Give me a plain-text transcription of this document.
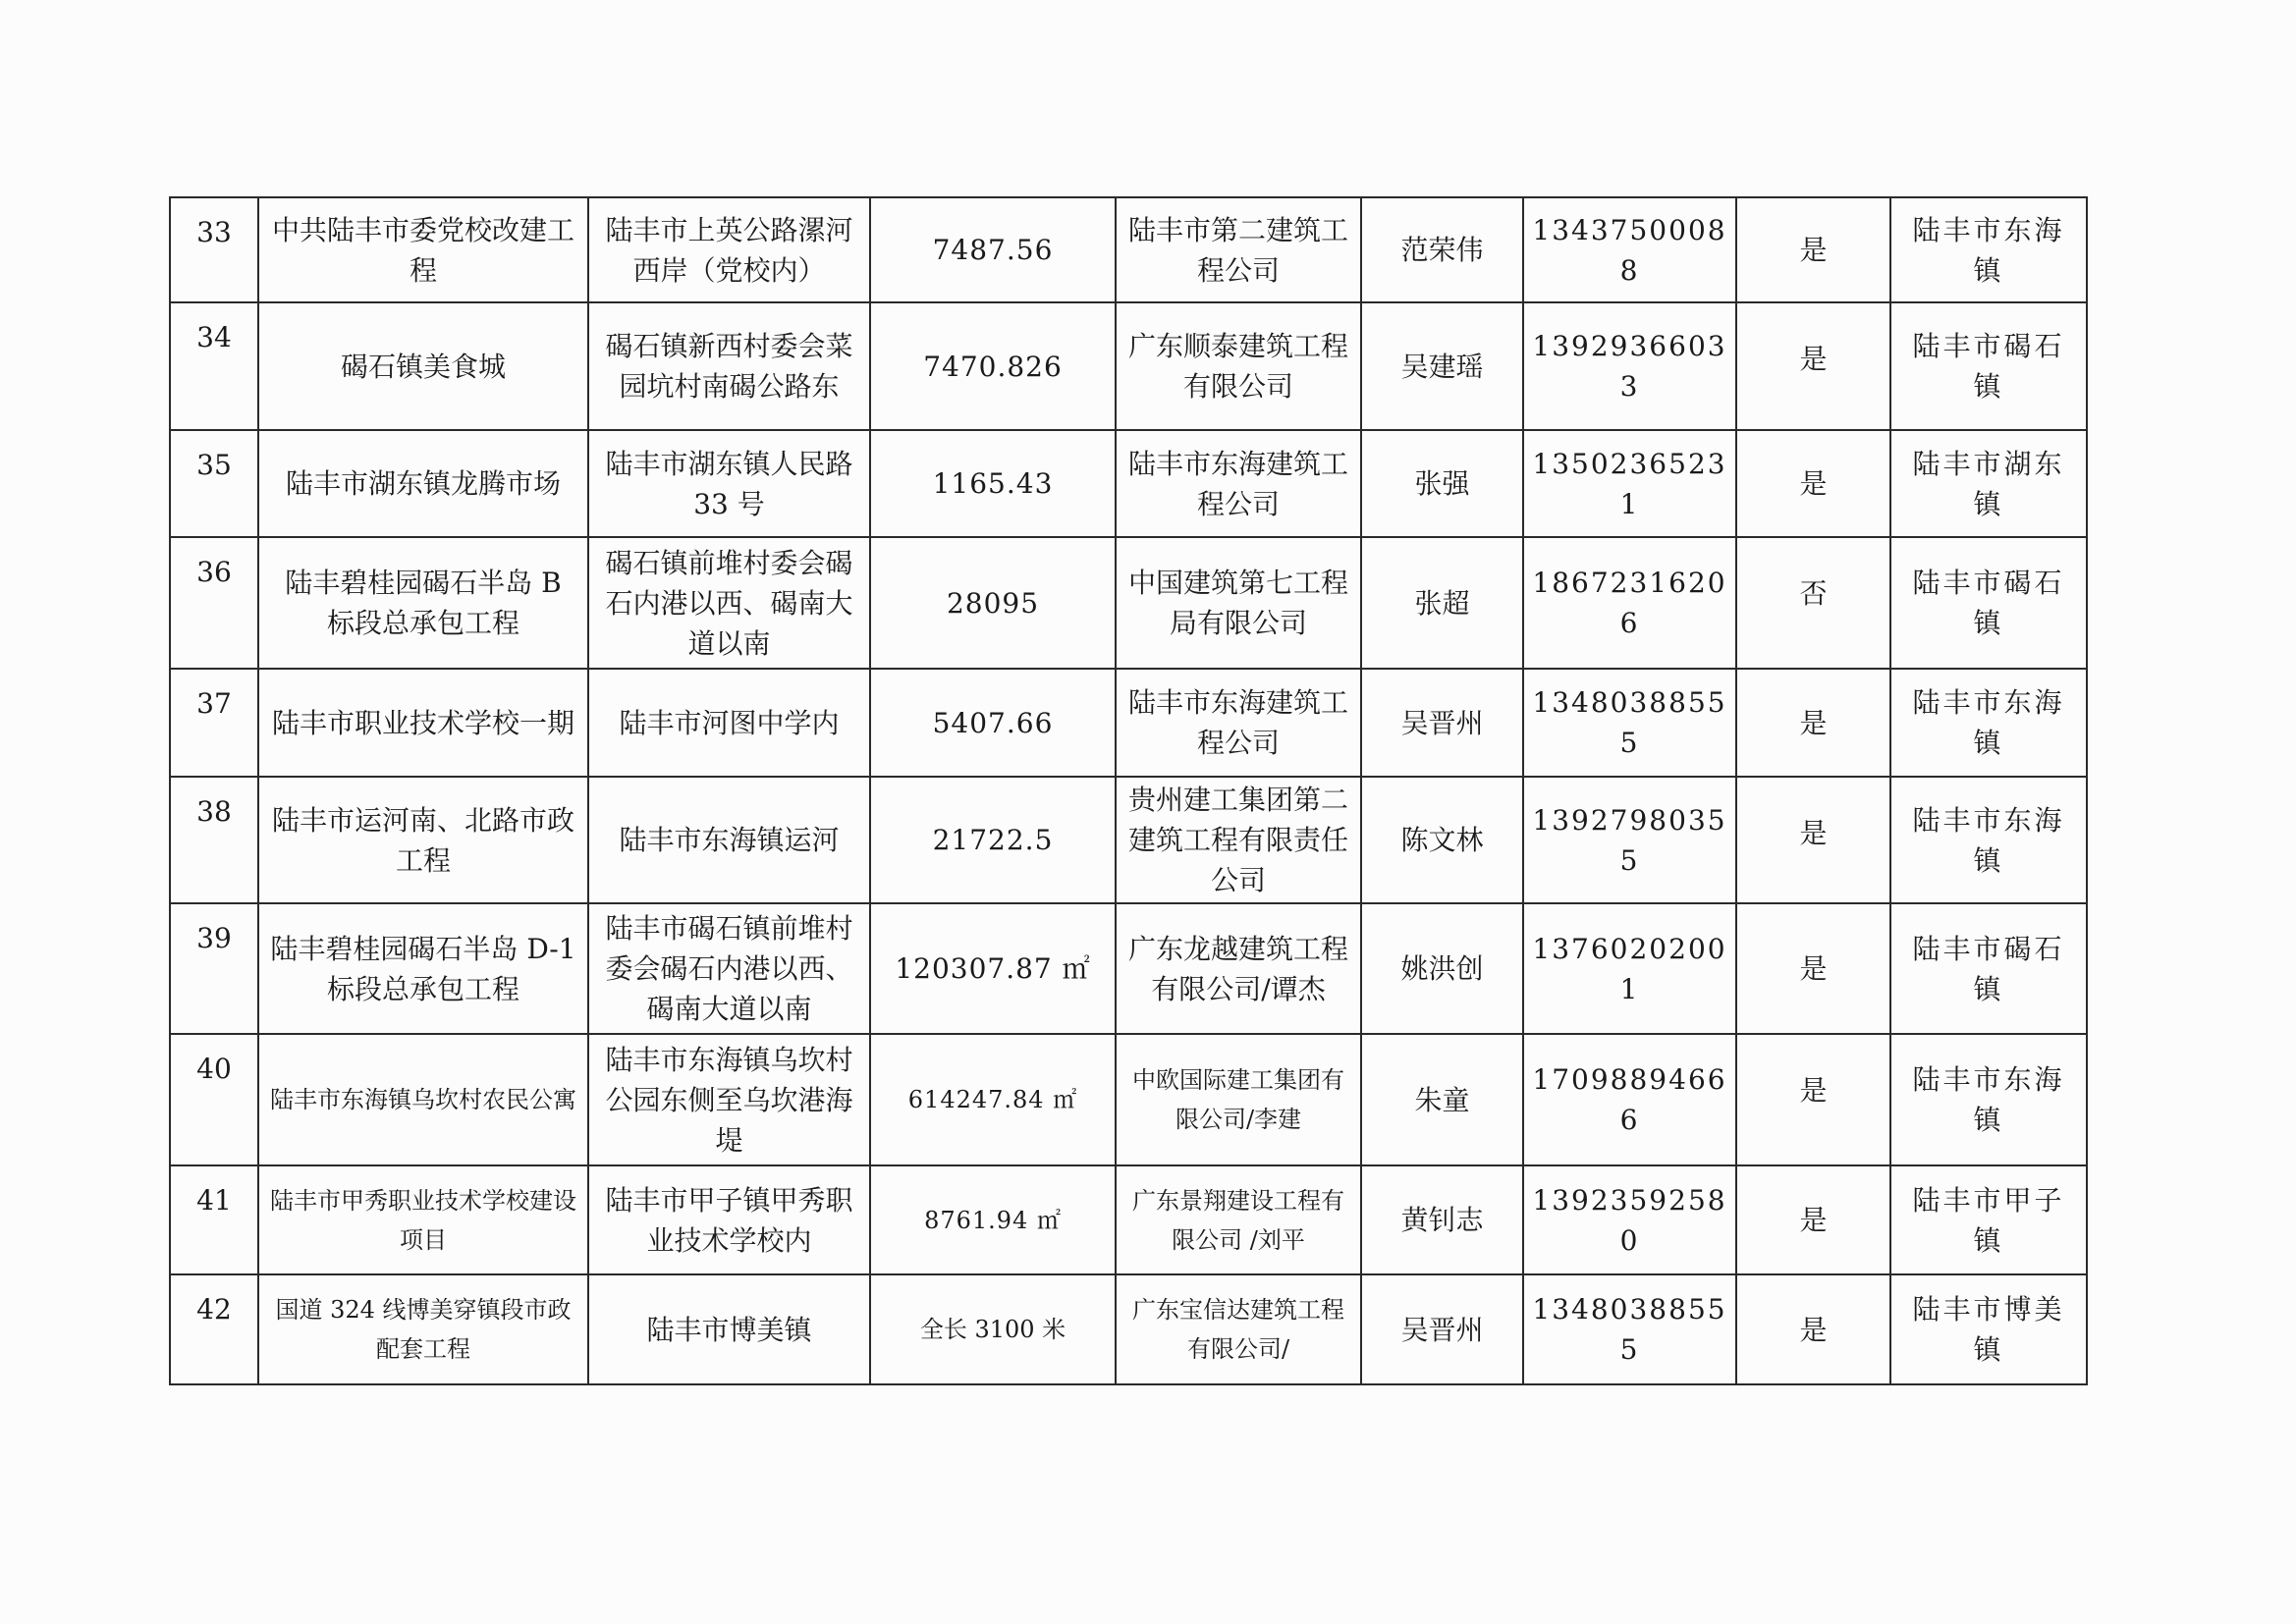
33	中共陆丰市委党校改建工程	陆丰市上英公路漯河西岸（党校内）	7487.56	陆丰市第二建筑工程公司	范荣伟	13437500088	是	陆丰市东海镇
34	碣石镇美食城	碣石镇新西村委会菜园坑村南碣公路东	7470.826	广东顺泰建筑工程有限公司	吴建瑶	13929366033	是	陆丰市碣石镇
35	陆丰市湖东镇龙腾市场	陆丰市湖东镇人民路 33 号	1165.43	陆丰市东海建筑工程公司	张强	13502365231	是	陆丰市湖东镇
36	陆丰碧桂园碣石半岛 B 标段总承包工程	碣石镇前堆村委会碣石内港以西、碣南大道以南	28095	中国建筑第七工程局有限公司	张超	18672316206	否	陆丰市碣石镇
37	陆丰市职业技术学校一期	陆丰市河图中学内	5407.66	陆丰市东海建筑工程公司	吴晋州	13480388555	是	陆丰市东海镇
38	陆丰市运河南、北路市政工程	陆丰市东海镇运河	21722.5	贵州建工集团第二建筑工程有限责任公司	陈文林	13927980355	是	陆丰市东海镇
39	陆丰碧桂园碣石半岛 D-1 标段总承包工程	陆丰市碣石镇前堆村委会碣石内港以西、碣南大道以南	120307.87 ㎡	广东龙越建筑工程有限公司/谭杰	姚洪创	13760202001	是	陆丰市碣石镇
40	陆丰市东海镇乌坎村农民公寓	陆丰市东海镇乌坎村公园东侧至乌坎港海堤	614247.84 ㎡	中欧国际建工集团有限公司/李建	朱童	17098894666	是	陆丰市东海镇
41	陆丰市甲秀职业技术学校建设项目	陆丰市甲子镇甲秀职业技术学校内	8761.94 ㎡	广东景翔建设工程有限公司 /刘平	黄钊志	13923592580	是	陆丰市甲子镇
42	国道 324 线博美穿镇段市政配套工程	陆丰市博美镇	全长 3100 米	广东宝信达建筑工程有限公司/	吴晋州	13480388555	是	陆丰市博美镇
